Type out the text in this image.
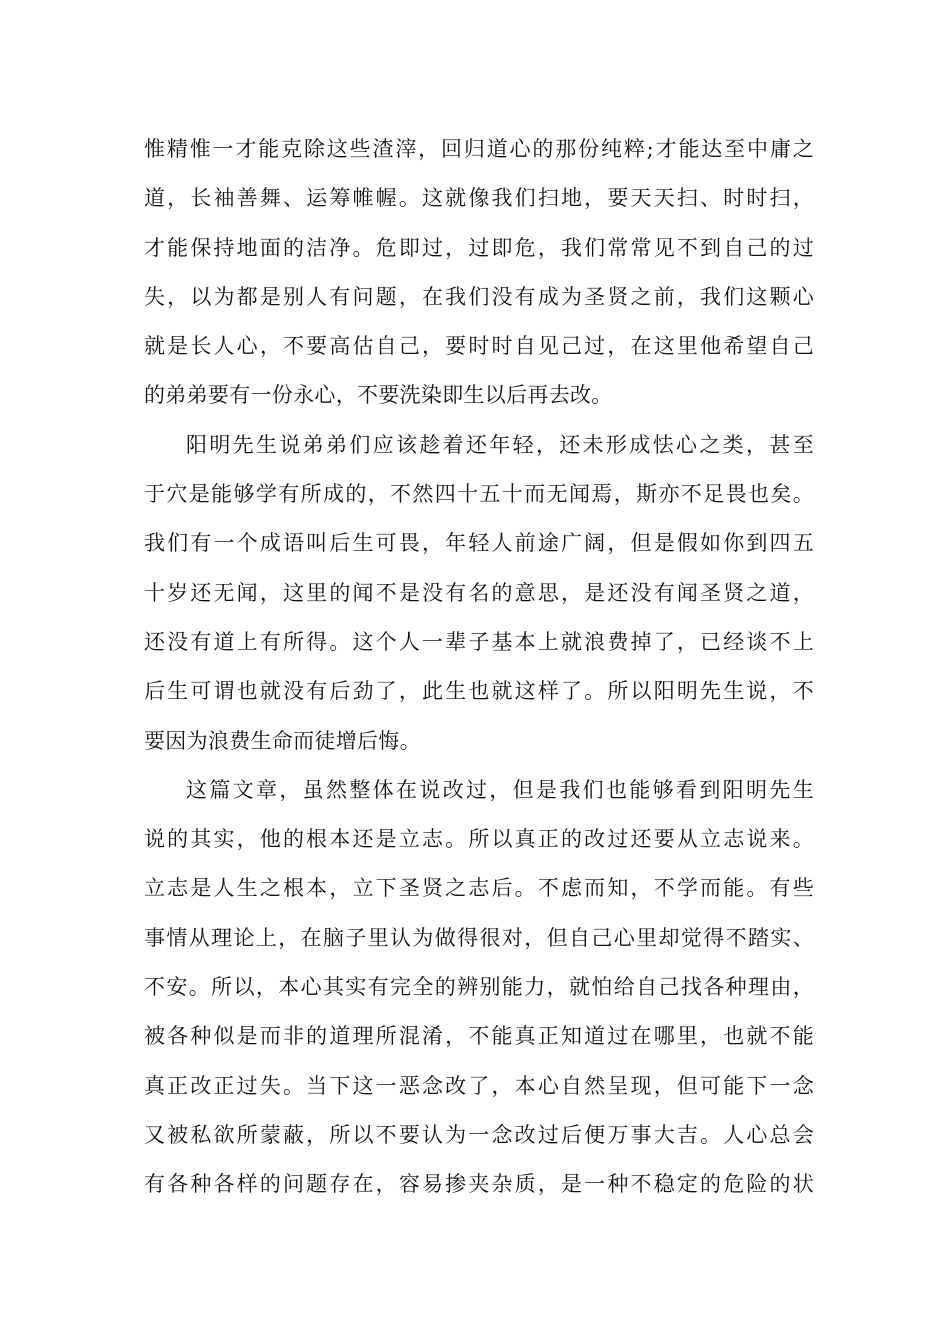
惟精惟一才能克除这些渣滓，回归道心的那份纯粹;才能达至中庸之
道，长袖善舞、运筹帷幄。这就像我们扫地，要天天扫、时时扫，
才能保持地面的洁净。危即过，过即危，我们常常见不到自己的过
失，以为都是别人有问题，在我们没有成为圣贤之前，我们这颗心
就是长人心，不要高估自己，要时时自见己过，在这里他希望自己
的弟弟要有一份永心，不要洗染即生以后再去改。
阳明先生说弟弟们应该趁着还年轻，还未形成怯心之类，甚至
于穴是能够学有所成的，不然四十五十而无闻焉，斯亦不足畏也矣。
我们有一个成语叫后生可畏，年轻人前途广阔，但是假如你到四五
十岁还无闻，这里的闻不是没有名的意思，是还没有闻圣贤之道，
还没有道上有所得。这个人一辈子基本上就浪费掉了，已经谈不上
后生可谓也就没有后劲了，此生也就这样了。所以阳明先生说，不
要因为浪费生命而徒增后悔。
这篇文章，虽然整体在说改过，但是我们也能够看到阳明先生
说的其实，他的根本还是立志。所以真正的改过还要从立志说来。
立志是人生之根本，立下圣贤之志后。不虑而知，不学而能。有些
事情从理论上，在脑子里认为做得很对，但自己心里却觉得不踏实、
不安。所以，本心其实有完全的辨别能力，就怕给自己找各种理由，
被各种似是而非的道理所混淆，不能真正知道过在哪里，也就不能
真正改正过失。当下这一恶念改了，本心自然呈现，但可能下一念
又被私欲所蒙蔽，所以不要认为一念改过后便万事大吉。人心总会
有各种各样的问题存在，容易掺夹杂质，是一种不稳定的危险的状
